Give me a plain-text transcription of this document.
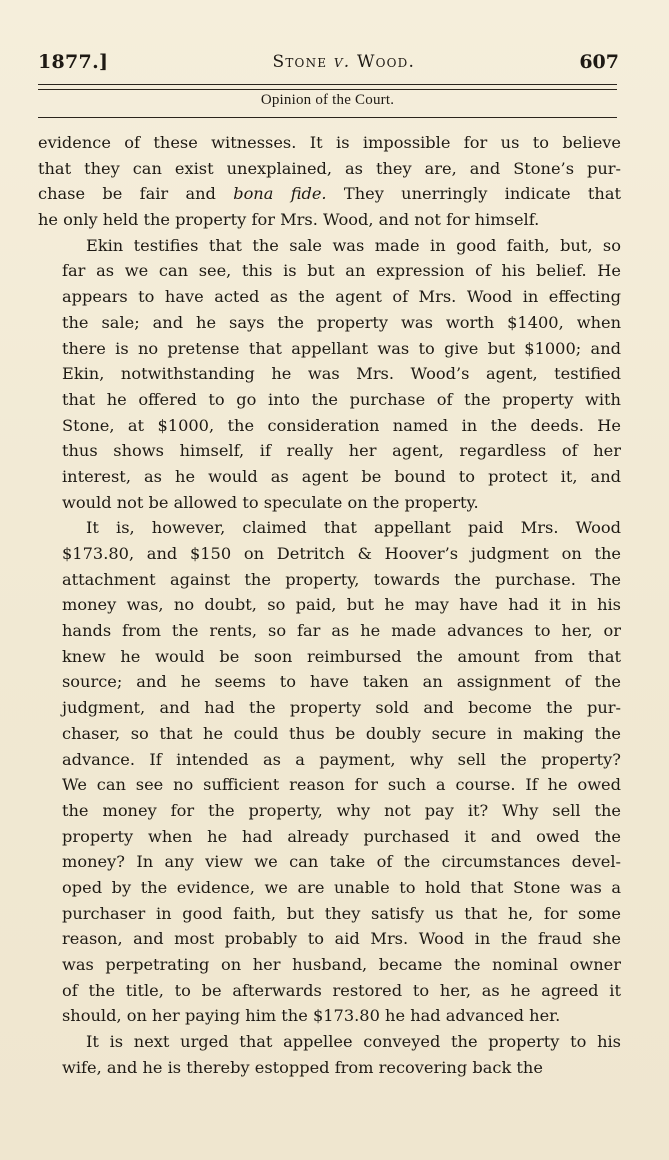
1877.]	Stone v. Wood.	607
Opinion of the Court.
evidence of these witnesses. It is impossible for us to believe
that they can exist unexplained, as they are, and Stone’s pur-
chase be fair and bona fide. They unerringly indicate that
he only held the property for Mrs. Wood, and not for himself.
Ekin testifies that the sale was made in good faith, but, so
far as we can see, this is but an expression of his belief. He
appears to have acted as the agent of Mrs. Wood in effecting
the sale; and he says the property was worth $1400, when
there is no pretense that appellant was to give but $1000; and
Ekin, notwithstanding he was Mrs. Wood’s agent, testified
that he offered to go into the purchase of the property with
Stone, at $1000, the consideration named in the deeds. He
thus shows himself, if really her agent, regardless of her
interest, as he would as agent be bound to protect it, and
would not be allowed to speculate on the property.
It is, however, claimed that appellant paid Mrs. Wood
$173.80, and $150 on Detritch & Hoover’s judgment on the
attachment against the property, towards the purchase. The
money was, no doubt, so paid, but he may have had it in his
hands from the rents, so far as he made advances to her, or
knew he would be soon reimbursed the amount from that
source; and he seems to have taken an assignment of the
judgment, and had the property sold and become the pur-
chaser, so that he could thus be doubly secure in making the
advance. If intended as a payment, why sell the property?
We can see no sufficient reason for such a course. If he owed
the money for the property, why not pay it? Why sell the
property when he had already purchased it and owed the
money? In any view we can take of the circumstances devel-
oped by the evidence, we are unable to hold that Stone was a
purchaser in good faith, but they satisfy us that he, for some
reason, and most probably to aid Mrs. Wood in the fraud she
was perpetrating on her husband, became the nominal owner
of the title, to be afterwards restored to her, as he agreed it
should, on her paying him the $173.80 he had advanced her.
It is next urged that appellee conveyed the property to his
wife, and he is thereby estopped from recovering back the
